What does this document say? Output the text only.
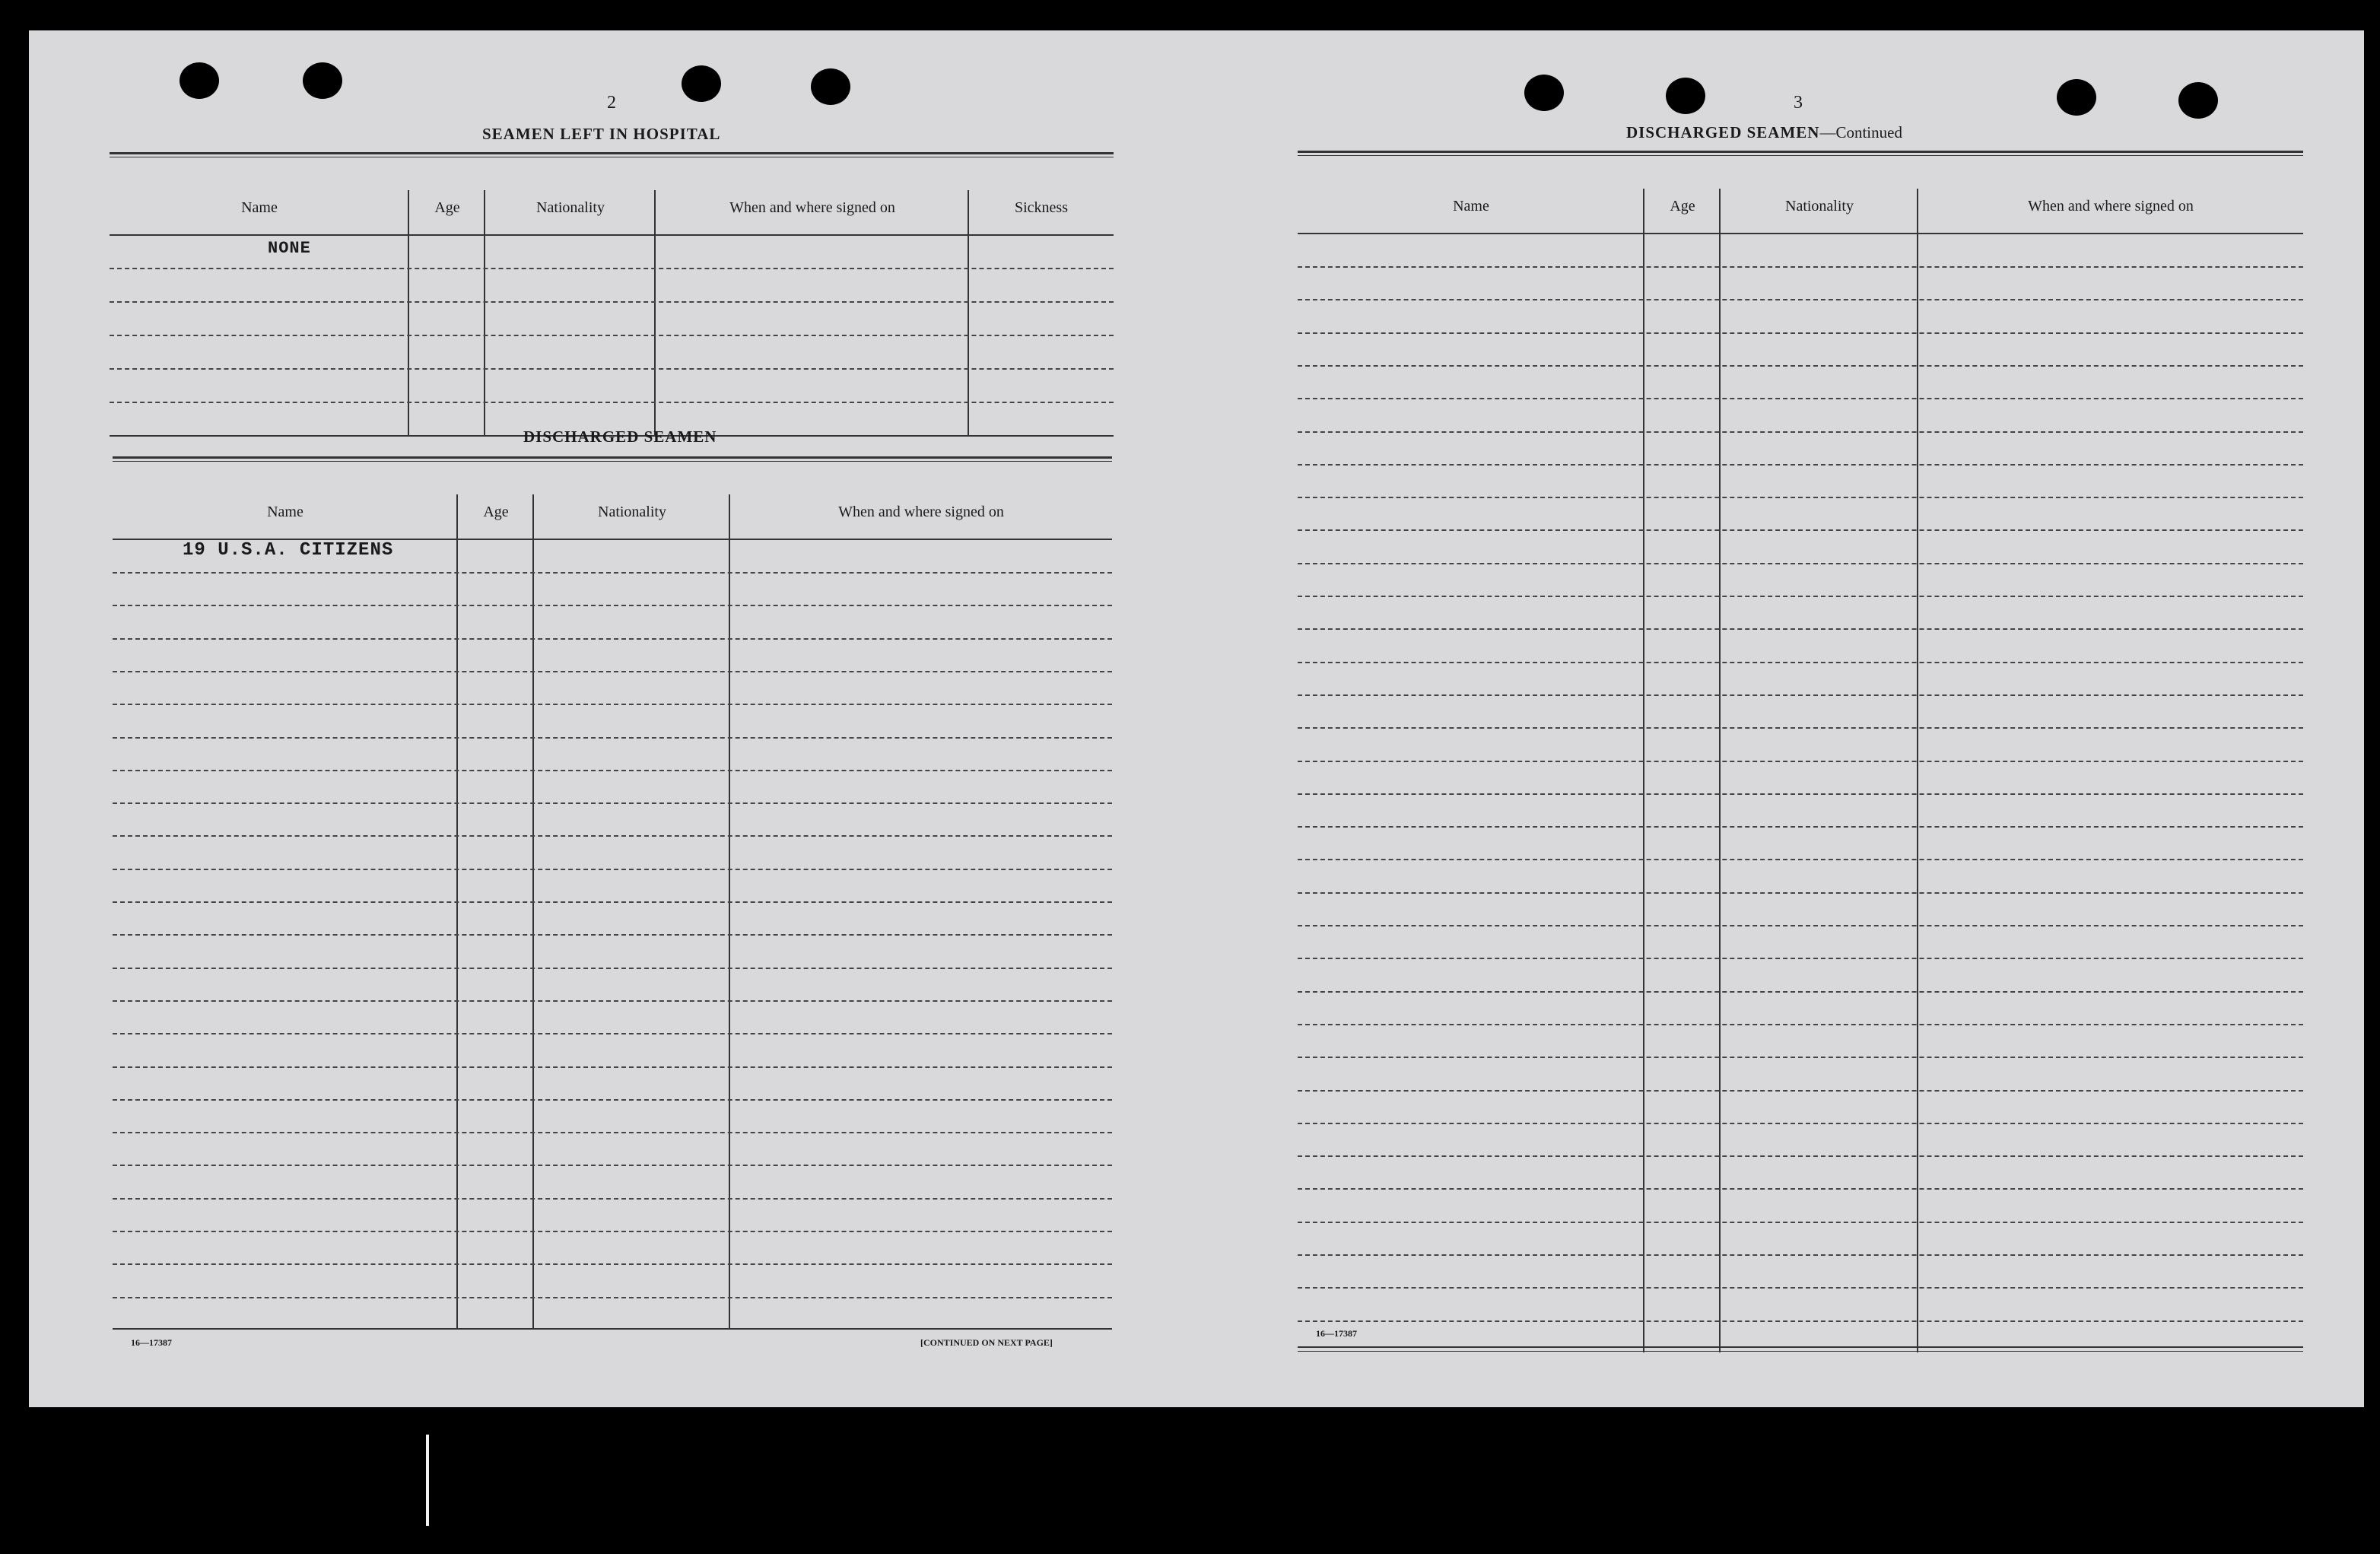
2
SEAMEN LEFT IN HOSPITAL
Name	Age	Nationality	When and where signed on	Sickness
NONE
DISCHARGED SEAMEN
Name	Age	Nationality	When and where signed on
19 U.S.A. CITIZENS
16—17387	[CONTINUED ON NEXT PAGE]
3
DISCHARGED SEAMEN—Continued
Name	Age	Nationality	When and where signed on
16—17387
